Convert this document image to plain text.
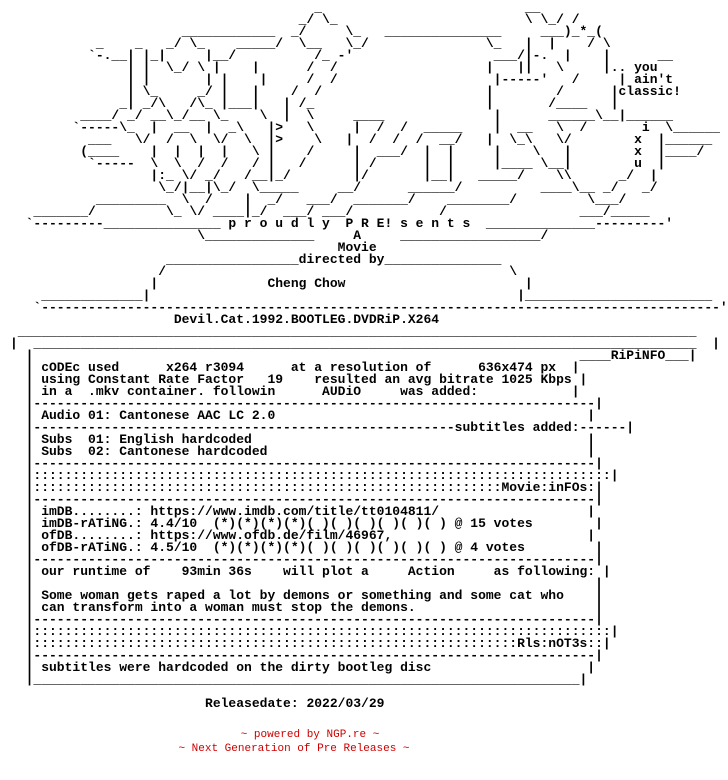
_                          __
_/ \_                        \ \_/ /
____________  _/     \_   _______________     ___)_*_(
_    _   _/ \_    _____/  \__   \_/               \_   |  |    / \
`-.__| |_|     |__/          /_ -'                  ___/|-.  |    |      __
| |  \_/ \ |    |      /  /                   |   ||   \     |.. you
| |       | |    |     /  /                    |-----'   /     | ain't
| \_     _/ |   |    /  /                     |        /      |classic!
_| _/\   /\_ |___|   | /_                      |       /____   |
____/ _/ __\_/__ \_    \  |  \     ____              |      ______\__|______
`-----\_  |  __  |  _\   |>   \     |  /  /  _____    |  __   \  /       i  \______
___   \/  /  \  \/  \  |>    \   |  /  /  /  __/   |  \_\   \/        x  |______
(____    |  |  |  |   \ |    /     |  ___/  |  |     |    \   |        x  |____/
`-----  \  \  /  /   / |   /      | /      |  |     |____ \__|        u  |
|:_ \/ _/   /__|_/        |/       |__|   _____/    \\      _/  |
\_/|__|\_/  \_____     __/      ______/          ____\__ _/   _/
_________  \  /    |  _/   ___/  _______/    ________/         \___/
_______/         \_ \/ ____|_/  ___/ ___/           /                 ___/_____
`---------_______________ p r o u d l y  P R E! s e n t s  ______________---------'
\______________     A     __________________/
Movie
_________________directed by_______________
/                                            \
|              Cheng Chow                       |
_____________|                                               |________________________
`---------------------------------------------------------------------------------------'
Devil.Cat.1992.BOOTLEG.DVDRiP.X264
_______________________________________________________________________________________
|  _____________________________________________________________________________________  |
|                                                                      ____RiPiNFO___|
| cODEc used      x264 r3094      at a resolution of      636x474 px  |
| using Constant Rate Factor   19    resulted an avg bitrate 1025 Kbps |
| in a  .mkv container. followin      AUDiO     was added:            |
|------------------------------------------------------------------------|
| Audio 01: Cantonese AAC LC 2.0                                        |
|------------------------------------------------------subtitles added:------|
| Subs  01: English hardcoded                                           |
| Subs  02: Cantonese hardcoded                                         |
|------------------------------------------------------------------------|
|::::::::::::::::::::::::::::::::::::::::::::::::::::::::::::::::::::::::::|
|::::::::::::::::::::::::::::::::::::::::::::::::::::::::::::Movie:inFOs:|
|------------------------------------------------------------------------|
| imDB........: https://www.imdb.com/title/tt0104811/                   |
| imDB-rATiNG.: 4.4/10  (*)(*)(*)(*)( )( )( )( )( )( ) @ 15 votes        |
| ofDB........: https://www.ofdb.de/film/46967,                         |
| ofDB-rATiNG.: 4.5/10  (*)(*)(*)(*)( )( )( )( )( )( ) @ 4 votes         |
|------------------------------------------------------------------------|
| our runtime of    93min 36s    will plot a     Action     as following: |
|                                                                        |
| Some woman gets raped a lot by demons or something and some cat who    |
| can transform into a woman must stop the demons.                       |
|------------------------------------------------------------------------|
|::::::::::::::::::::::::::::::::::::::::::::::::::::::::::::::::::::::::::|
|::::::::::::::::::::::::::::::::::::::::::::::::::::::::::::::Rls:nOT3s::|
|------------------------------------------------------------------------|
| subtitles were hardcoded on the dirty bootleg disc                    |
|______________________________________________________________________|

Releasedate: 2022/03/29

~ powered by NGP.re ~
~ Next Generation of Pre Releases ~
